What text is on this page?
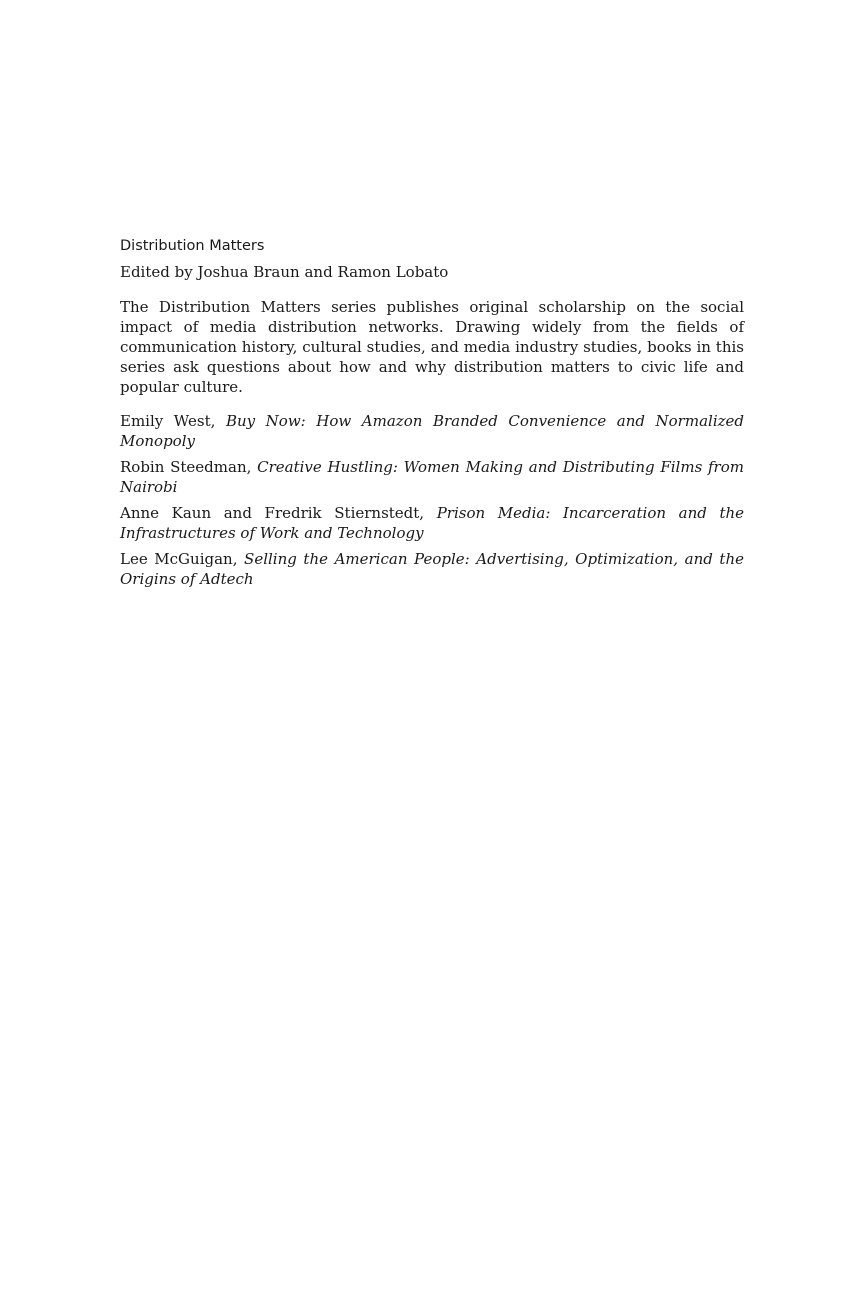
Distribution Matters

Edited by Joshua Braun and Ramon Lobato

The Distribution Matters series publishes original scholarship on the social impact of media distribution networks. Drawing widely from the fields of communication history, cultural studies, and media industry studies, books in this series ask questions about how and why distribution matters to civic life and popular culture.

Emily West, Buy Now: How Amazon Branded Convenience and Normalized Monopoly
Robin Steedman, Creative Hustling: Women Making and Distributing Films from Nairobi
Anne Kaun and Fredrik Stiernstedt, Prison Media: Incarceration and the Infrastructures of Work and Technology
Lee McGuigan, Selling the American People: Advertising, Optimization, and the Origins of Adtech
